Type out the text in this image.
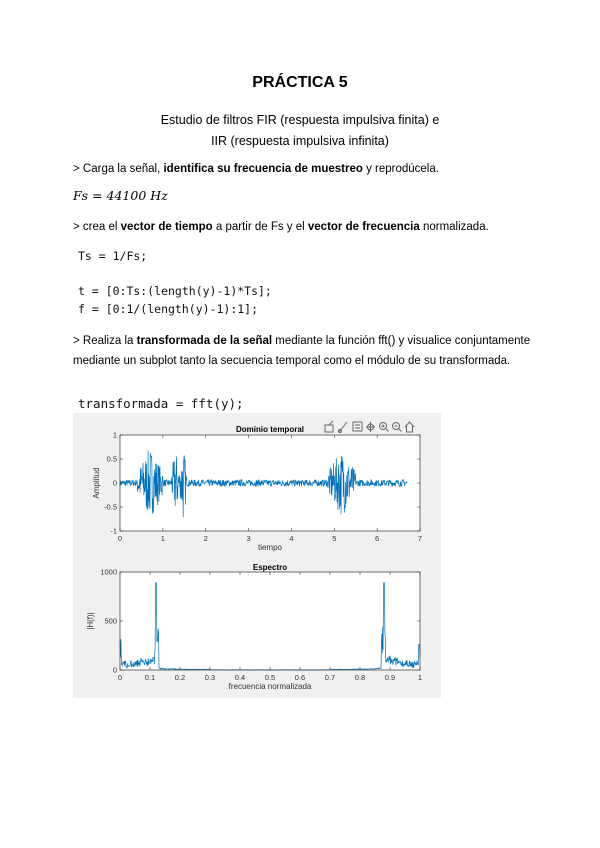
PRÁCTICA 5
Estudio de filtros FIR (respuesta impulsiva finita) e
IIR (respuesta impulsiva infinita)
> Carga la señal, identifica su frecuencia de muestreo y reprodúcela.
Fs = 44100 Hz
> crea el vector de tiempo a partir de Fs y el vector de frecuencia normalizada.
Ts = 1/Fs;
t = [0:Ts:(length(y)-1)*Ts];
f = [0:1/(length(y)-1):1];
> Realiza la transformada de la señal mediante la función fft() y visualice conjuntamente mediante un subplot tanto la secuencia temporal como el módulo de su transformada.
transformada = fft(y);
0	1	2	3	4	5	6	7
1
0.5
0
-0.5
-1
Dominio temporal
tiempo
Amplitud
0	0.1	0.2	0.3	0.4	0.5	0.6	0.7	0.8	0.9	1
1000
500
0
Espectro
frecuencia normalizada
|H(f)|
